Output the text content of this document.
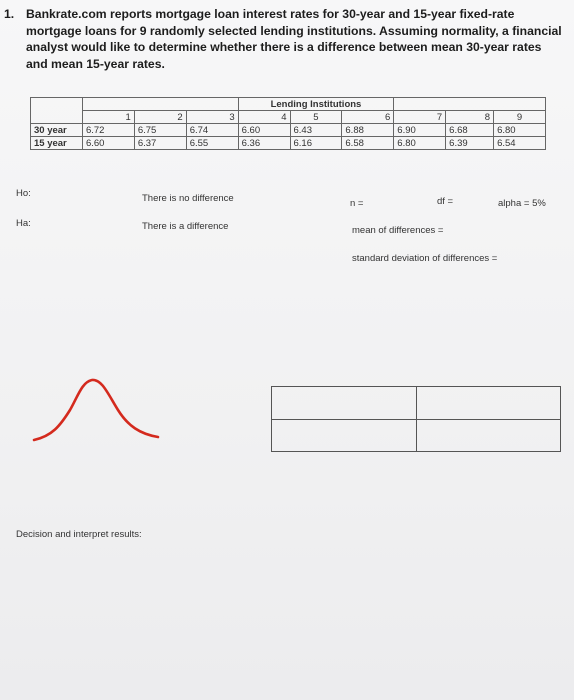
1. Bankrate.com reports mortgage loan interest rates for 30-year and 15-year fixed-rate mortgage loans for 9 randomly selected lending institutions. Assuming normality, a financial analyst would like to determine whether there is a difference between mean 30-year rates and mean 15-year rates.
				Lending Institutions					
	1	2	3	4	5	6	7	8	9
30 year	6.72	6.75	6.74	6.60	6.43	6.88	6.90	6.68	6.80
15 year	6.60	6.37	6.55	6.36	6.16	6.58	6.80	6.39	6.54
Ho:	There is no difference
Ha:	There is a difference
n =	df =	alpha = 5%
mean of differences =
standard deviation of differences =

Decision and interpret results:
